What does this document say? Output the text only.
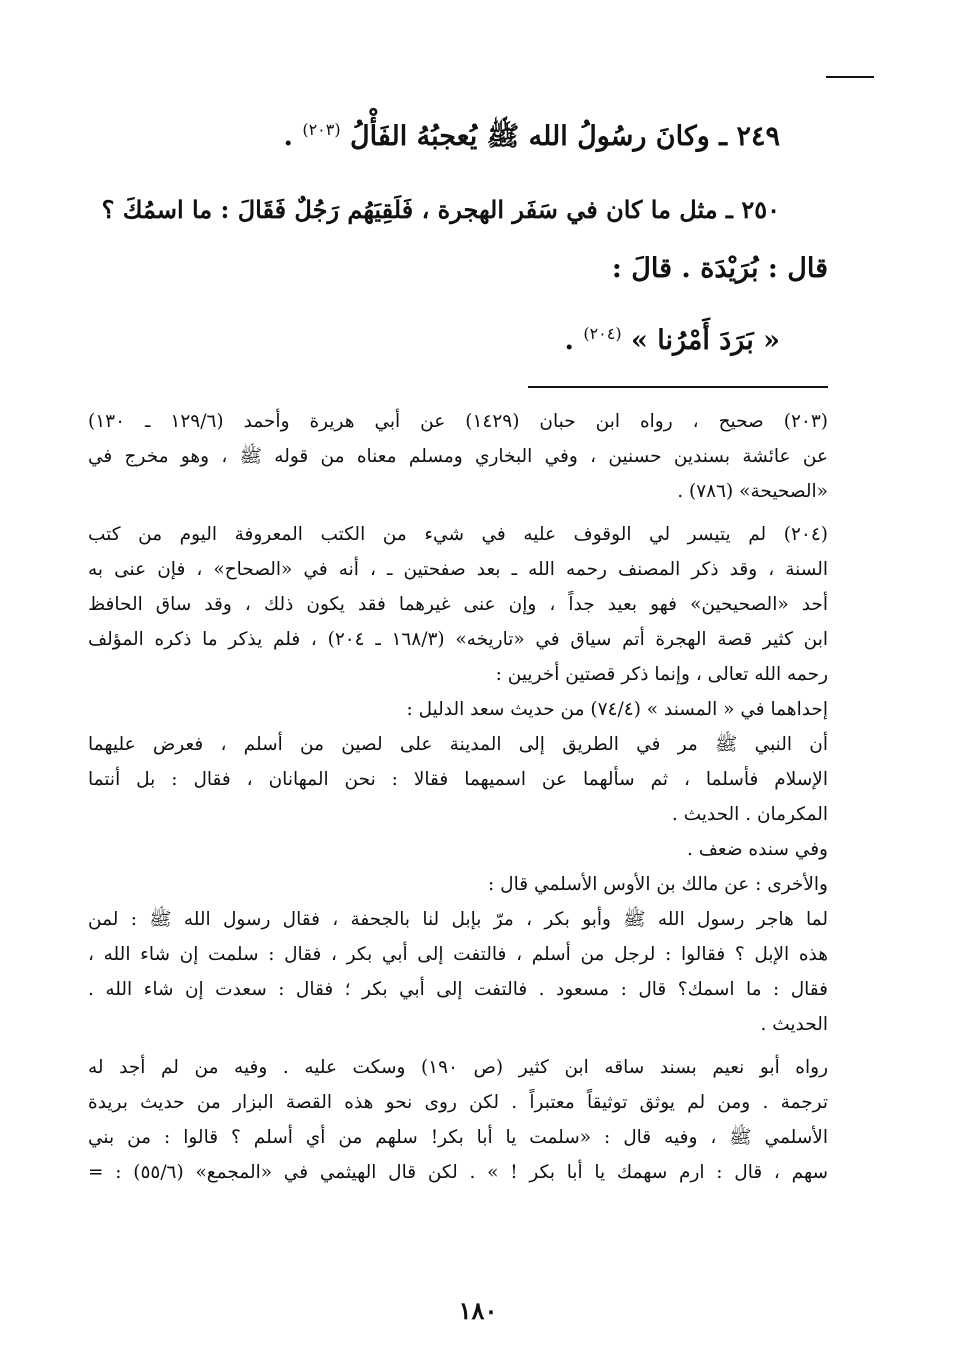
٢٤٩ ـ وكانَ رسُولُ الله ﷺ يُعجبُهُ الفَأْلُ $^{(٢٠٣)}$ .
٢٥٠ ـ مثل ما كان في سَفَر الهجرة ، فَلَقِيَهُم رَجُلٌ فَقَالَ : ما اسمُكَ ؟
قال : بُرَيْدَة . قالَ :
« بَرَدَ أَمْرُنا » $^{(٢٠٤)}$ .
(٢٠٣) صحيح ، رواه ابن حبان (١٤٢٩) عن أبي هريرة وأحمد (١٢٩/٦ ـ ١٣٠)
عن عائشة بسندين حسنين ، وفي البخاري ومسلم معناه من قوله ﷺ ، وهو مخرج في
«الصحيحة» (٧٨٦) .
(٢٠٤) لم يتيسر لي الوقوف عليه في شيء من الكتب المعروفة اليوم من كتب
السنة ، وقد ذكر المصنف رحمه الله ـ بعد صفحتين ـ ، أنه في «الصحاح» ، فإن عنى به
أحد «الصحيحين» فهو بعيد جداً ، وإن عنى غيرهما فقد يكون ذلك ، وقد ساق الحافظ
ابن كثير قصة الهجرة أتم سياق في «تاريخه» (١٦٨/٣ ـ ٢٠٤) ، فلم يذكر ما ذكره المؤلف
رحمه الله تعالى ، وإنما ذكر قصتين أخريين :
إحداهما في « المسند » (٧٤/٤) من حديث سعد الدليل :
أن النبي ﷺ مر في الطريق إلى المدينة على لصين من أسلم ، فعرض عليهما
الإسلام فأسلما ، ثم سألهما عن اسميهما فقالا : نحن المهانان ، فقال : بل أنتما
المكرمان . الحديث .
وفي سنده ضعف .
والأخرى : عن مالك بن الأوس الأسلمي قال :
لما هاجر رسول الله ﷺ وأبو بكر ، مرّ بإبل لنا بالجحفة ، فقال رسول الله ﷺ : لمن
هذه الإبل ؟ فقالوا : لرجل من أسلم ، فالتفت إلى أبي بكر ، فقال : سلمت إن شاء الله ،
فقال : ما اسمك؟ قال : مسعود . فالتفت إلى أبي بكر ؛ فقال : سعدت إن شاء الله .
الحديث .
رواه أبو نعيم بسند ساقه ابن كثير (ص ١٩٠) وسكت عليه . وفيه من لم أجد له
ترجمة . ومن لم يوثق توثيقاً معتبراً . لكن روى نحو هذه القصة البزار من حديث بريدة
الأسلمي ﷺ ، وفيه قال : «سلمت يا أبا بكر! سلهم من أي أسلم ؟ قالوا : من بني
سهم ، قال : ارم سهمك يا أبا بكر ! » . لكن قال الهيثمي في «المجمع» (٥٥/٦) : =
١٨٠
